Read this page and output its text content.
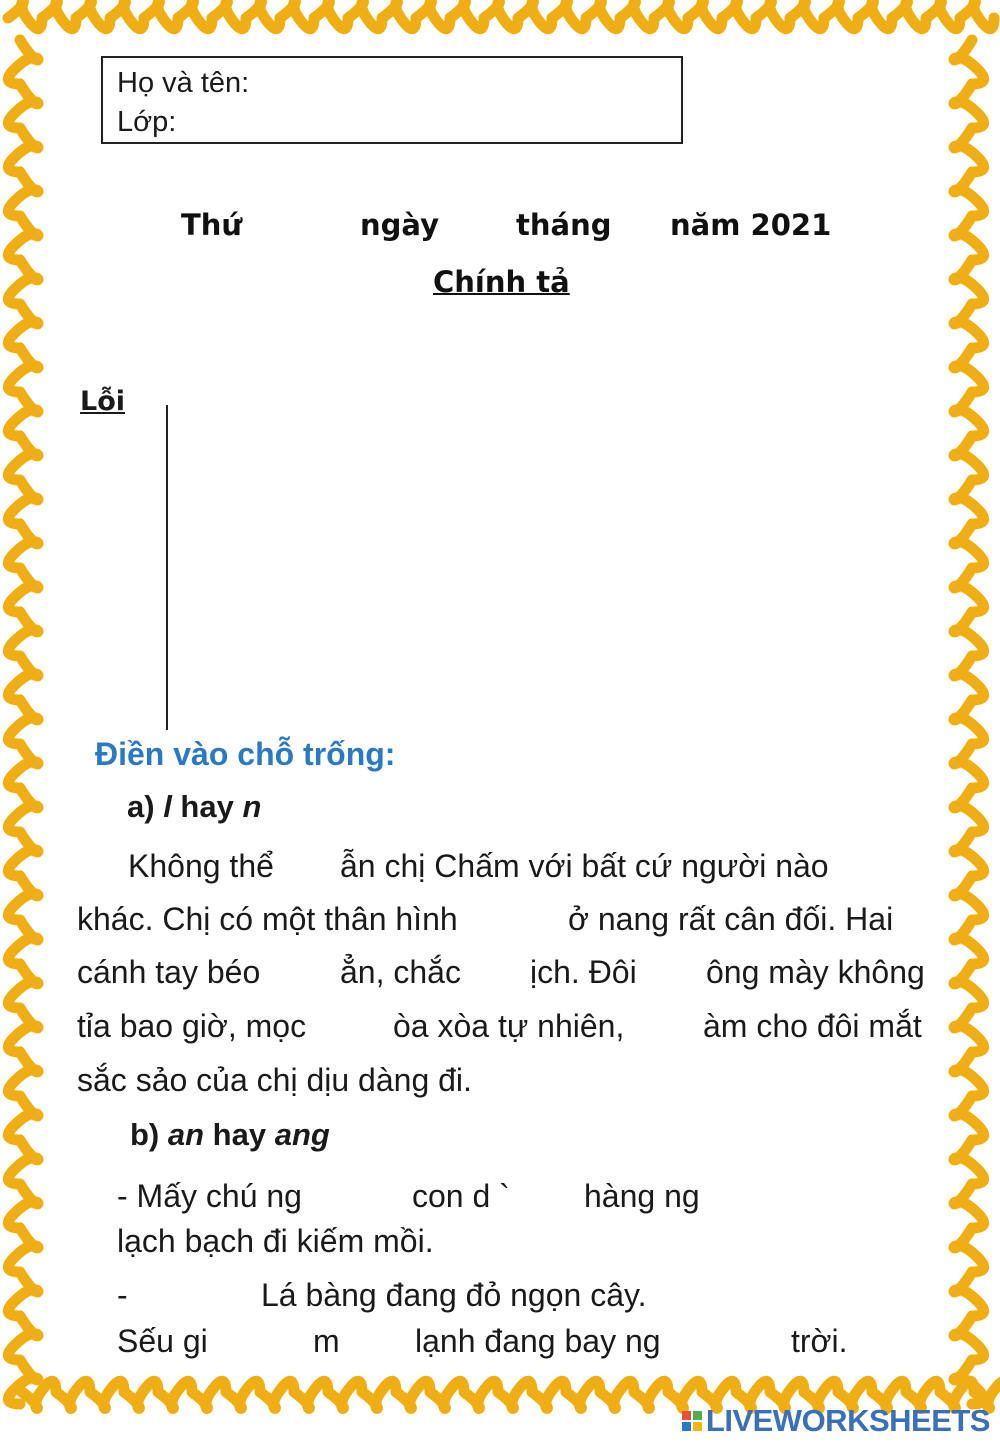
Họ và tên:
Lớp:
Thứ	ngày	tháng năm 2021
Chính tả
Lỗi
Điền vào chỗ trống:
a) l hay n
Không thể ẫn chị Chấm với bất cứ người nào
khác. Chị có một thân hình	ở nang rất cân đối. Hai
cánh tay béo ẳn, chắc ịch. Đôi ông mày không
tỉa bao giờ, mọc	òa xòa tự nhiên, àm cho đôi mắt
sắc sảo của chị dịu dàng đi.
b) an hay ang
- Mấy chú ng	con d ` hàng ng
lạch bạch đi kiếm mồi.
-	Lá bàng đang đỏ ngọn cây.
Sếu gi	m lạnh đang bay ng	trời.
LIVEWORKSHEETS
